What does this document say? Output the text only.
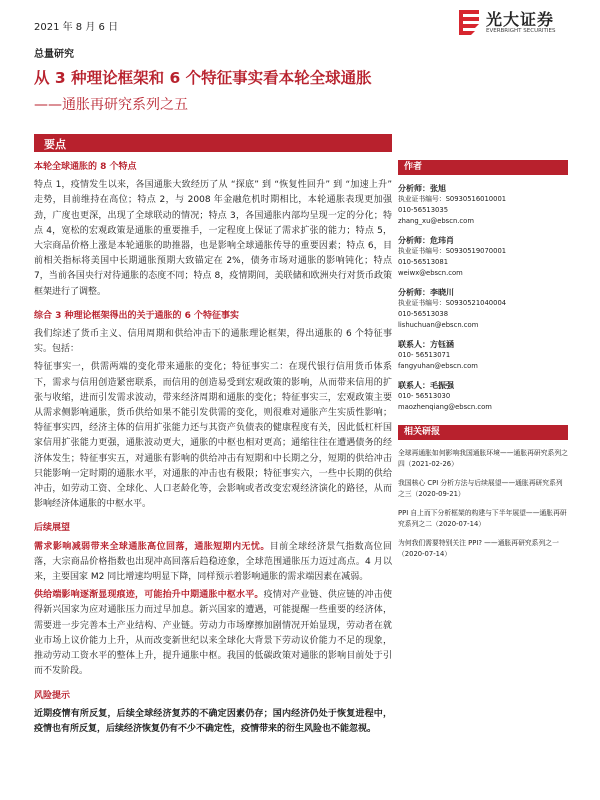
2021 年 8 月 6 日	光大证券
EVERBRIGHT SECURITIES
总量研究
从 3 种理论框架和 6 个特征事实看本轮全球通胀
——通胀再研究系列之五
要点
本轮全球通胀的 8 个特点

特点 1，疫情发生以来，各国通胀大致经历了从 “探底” 到 “恢复性回升” 到 “加速上升” 走势，目前维持在高位；特点 2，与 2008 年金融危机时期相比，本轮通胀表现更加强劲，广度也更深，出现了全球联动的情况；特点 3，各国通胀内部均呈现一定的分化；特点 4，宽松的宏观政策是通胀的重要推手，一定程度上保证了需求扩张的能力；特点 5，大宗商品价格上涨是本轮通胀的助推器，也是影响全球通胀传导的重要因素；特点 6，目前相关指标将美国中长期通胀预期大致锚定在 2%，债务市场对通胀的影响钝化；特点 7，当前各国央行对待通胀的态度不同；特点 8，疫情期间，美联储和欧洲央行对货币政策框架进行了调整。

综合 3 种理论框架得出的关于通胀的 6 个特征事实

我们综述了货币主义、信用周期和供给冲击下的通胀理论框架，得出通胀的 6 个特征事实。包括：

特征事实一，供需两端的变化带来通胀的变化；特征事实二：在现代银行信用货币体系下，需求与信用创造紧密联系，而信用的创造易受到宏观政策的影响，从而带来信用的扩张与收缩，进而引发需求波动，带来经济周期和通胀的变化；特征事实三，宏观政策主要从需求侧影响通胀，货币供给如果不能引发供需的变化，则很难对通胀产生实质性影响；特征事实四，经济主体的信用扩张能力还与其资产负债表的健康程度有关，因此低杠杆国家信用扩张能力更强，通胀波动更大，通胀的中枢也相对更高；通缩往往在遭遇债务的经济体发生；特征事实五，对通胀有影响的供给冲击有短期和中长期之分，短期的供给冲击只能影响一定时期的通胀水平，对通胀的冲击也有极限；特征事实六，一些中长期的供给冲击，如劳动工资、全球化、人口老龄化等，会影响或者改变宏观经济演化的路径，从而影响经济体通胀的中枢水平。

后续展望

需求影响减弱带来全球通胀高位回落，通胀短期内无忧。目前全球经济景气指数高位回落，大宗商品价格指数也出现冲高回落后趋稳迹象，全球范围通胀压力迈过高点。4 月以来，主要国家 M2 同比增速均明显下降，同样预示着影响通胀的需求端因素在减弱。

供给端影响逐渐显现痕迹，可能抬升中期通胀中枢水平。疫情对产业链、供应链的冲击使得新兴国家为应对通胀压力而过早加息。新兴国家的遭遇，可能提醒一些重要的经济体，需要进一步完善本土产业结构、产业链。劳动力市场摩擦加剧情况开始显现，劳动者在就业市场上议价能力上升，从而改变新世纪以来全球化大背景下劳动议价能力不足的现象，推动劳动工资水平的整体上升，提升通胀中枢。我国的低碳政策对通胀的影响目前处于引而不发阶段。

风险提示

近期疫情有所反复，后续全球经济复苏的不确定因素仍存；国内经济仍处于恢复进程中，疫情也有所反复，后续经济恢复仍有不少不确定性，疫情带来的衍生风险也不能忽视。

作者
分析师：张旭
执业证书编号：S0930516010001
010-56513035
zhang_xu@ebscn.com
分析师：危玮肖
执业证书编号：S0930519070001
010-56513081
weiwx@ebscn.com
分析师：李晓川
执业证书编号：S0930521040004
010-56513038
lishuchuan@ebscn.com
联系人：方钰涵
010- 56513071
fangyuhan@ebscn.com
联系人：毛振强
010- 56513030
maozhenqiang@ebscn.com
相关研报
全球再通胀如何影响我国通胀环境——通胀再研究系列之四（2021-02-26）
我国核心 CPI 分析方法与后续展望——通胀再研究系列之三（2020-09-21）
PPI 自上而下分析框架的构建与下半年展望——通胀再研究系列之二（2020-07-14）
为何我们需要特别关注 PPI? ——通胀再研究系列之一（2020-07-14）
